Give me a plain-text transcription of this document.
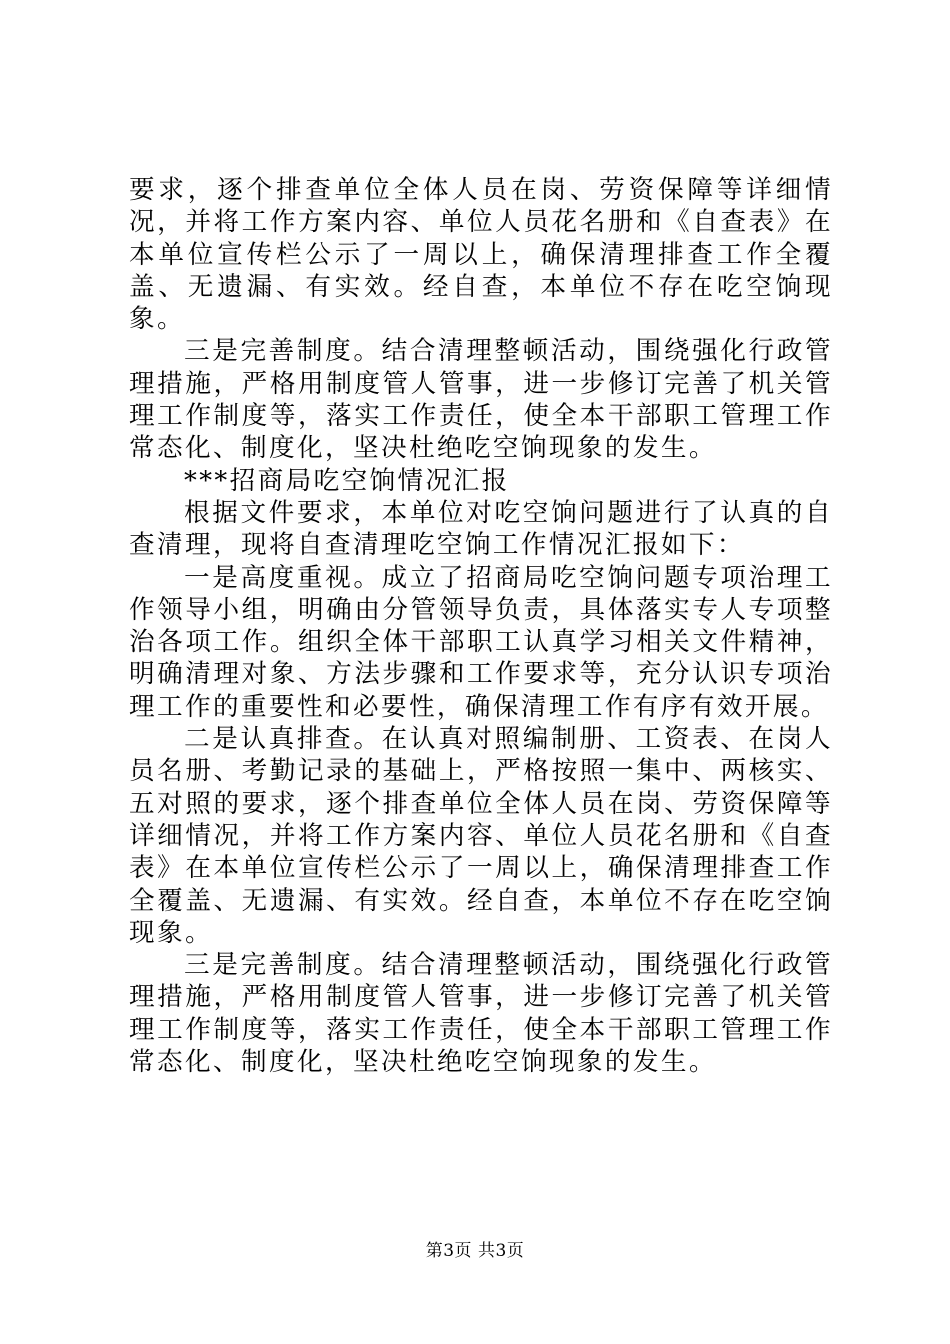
要求，逐个排查单位全体人员在岗、劳资保障等详细情况，并将工作方案内容、单位人员花名册和《自查表》在本单位宣传栏公示了一周以上，确保清理排查工作全覆盖、无遗漏、有实效。经自查，本单位不存在吃空饷现象。

三是完善制度。结合清理整顿活动，围绕强化行政管理措施，严格用制度管人管事，进一步修订完善了机关管理工作制度等，落实工作责任，使全本干部职工管理工作常态化、制度化，坚决杜绝吃空饷现象的发生。

***招商局吃空饷情况汇报

根据文件要求，本单位对吃空饷问题进行了认真的自查清理，现将自查清理吃空饷工作情况汇报如下：

一是高度重视。成立了招商局吃空饷问题专项治理工作领导小组，明确由分管领导负责，具体落实专人专项整治各项工作。组织全体干部职工认真学习相关文件精神，明确清理对象、方法步骤和工作要求等，充分认识专项治理工作的重要性和必要性，确保清理工作有序有效开展。

二是认真排查。在认真对照编制册、工资表、在岗人员名册、考勤记录的基础上，严格按照一集中、两核实、五对照的要求，逐个排查单位全体人员在岗、劳资保障等详细情况，并将工作方案内容、单位人员花名册和《自查表》在本单位宣传栏公示了一周以上，确保清理排查工作全覆盖、无遗漏、有实效。经自查，本单位不存在吃空饷现象。

三是完善制度。结合清理整顿活动，围绕强化行政管理措施，严格用制度管人管事，进一步修订完善了机关管理工作制度等，落实工作责任，使全本干部职工管理工作常态化、制度化，坚决杜绝吃空饷现象的发生。

第3页 共3页
